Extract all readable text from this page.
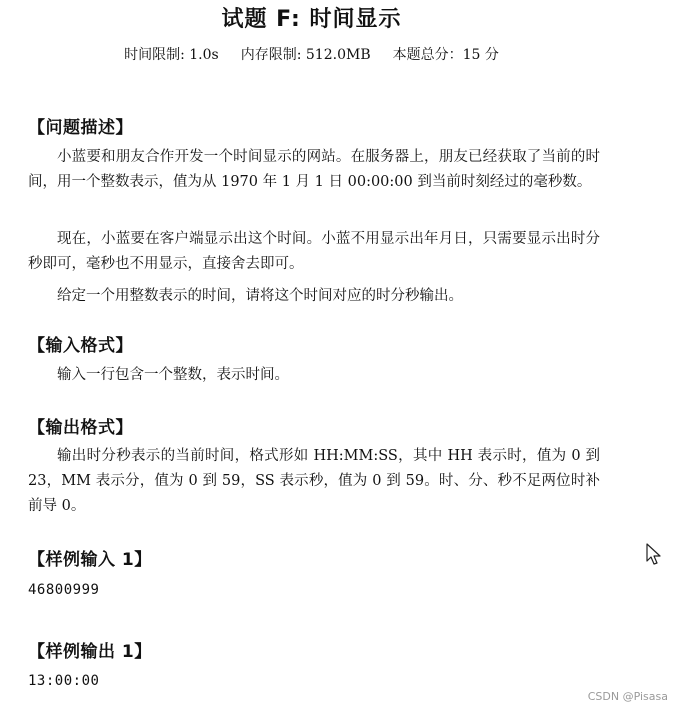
试题 F: 时间显示
时间限制: 1.0s 内存限制: 512.0MB 本题总分：15 分
【问题描述】
小蓝要和朋友合作开发一个时间显示的网站。在服务器上，朋友已经获取了当前的时间，用一个整数表示，值为从 1970 年 1 月 1 日 00:00:00 到当前时刻经过的毫秒数。
现在，小蓝要在客户端显示出这个时间。小蓝不用显示出年月日，只需要显示出时分秒即可，毫秒也不用显示，直接舍去即可。
给定一个用整数表示的时间，请将这个时间对应的时分秒输出。
【输入格式】
输入一行包含一个整数，表示时间。
【输出格式】
输出时分秒表示的当前时间，格式形如 HH:MM:SS，其中 HH 表示时，值为 0 到 23，MM 表示分，值为 0 到 59，SS 表示秒，值为 0 到 59。时、分、秒不足两位时补前导 0。
【样例输入 1】
46800999
【样例输出 1】
13:00:00
CSDN @Pisasa
